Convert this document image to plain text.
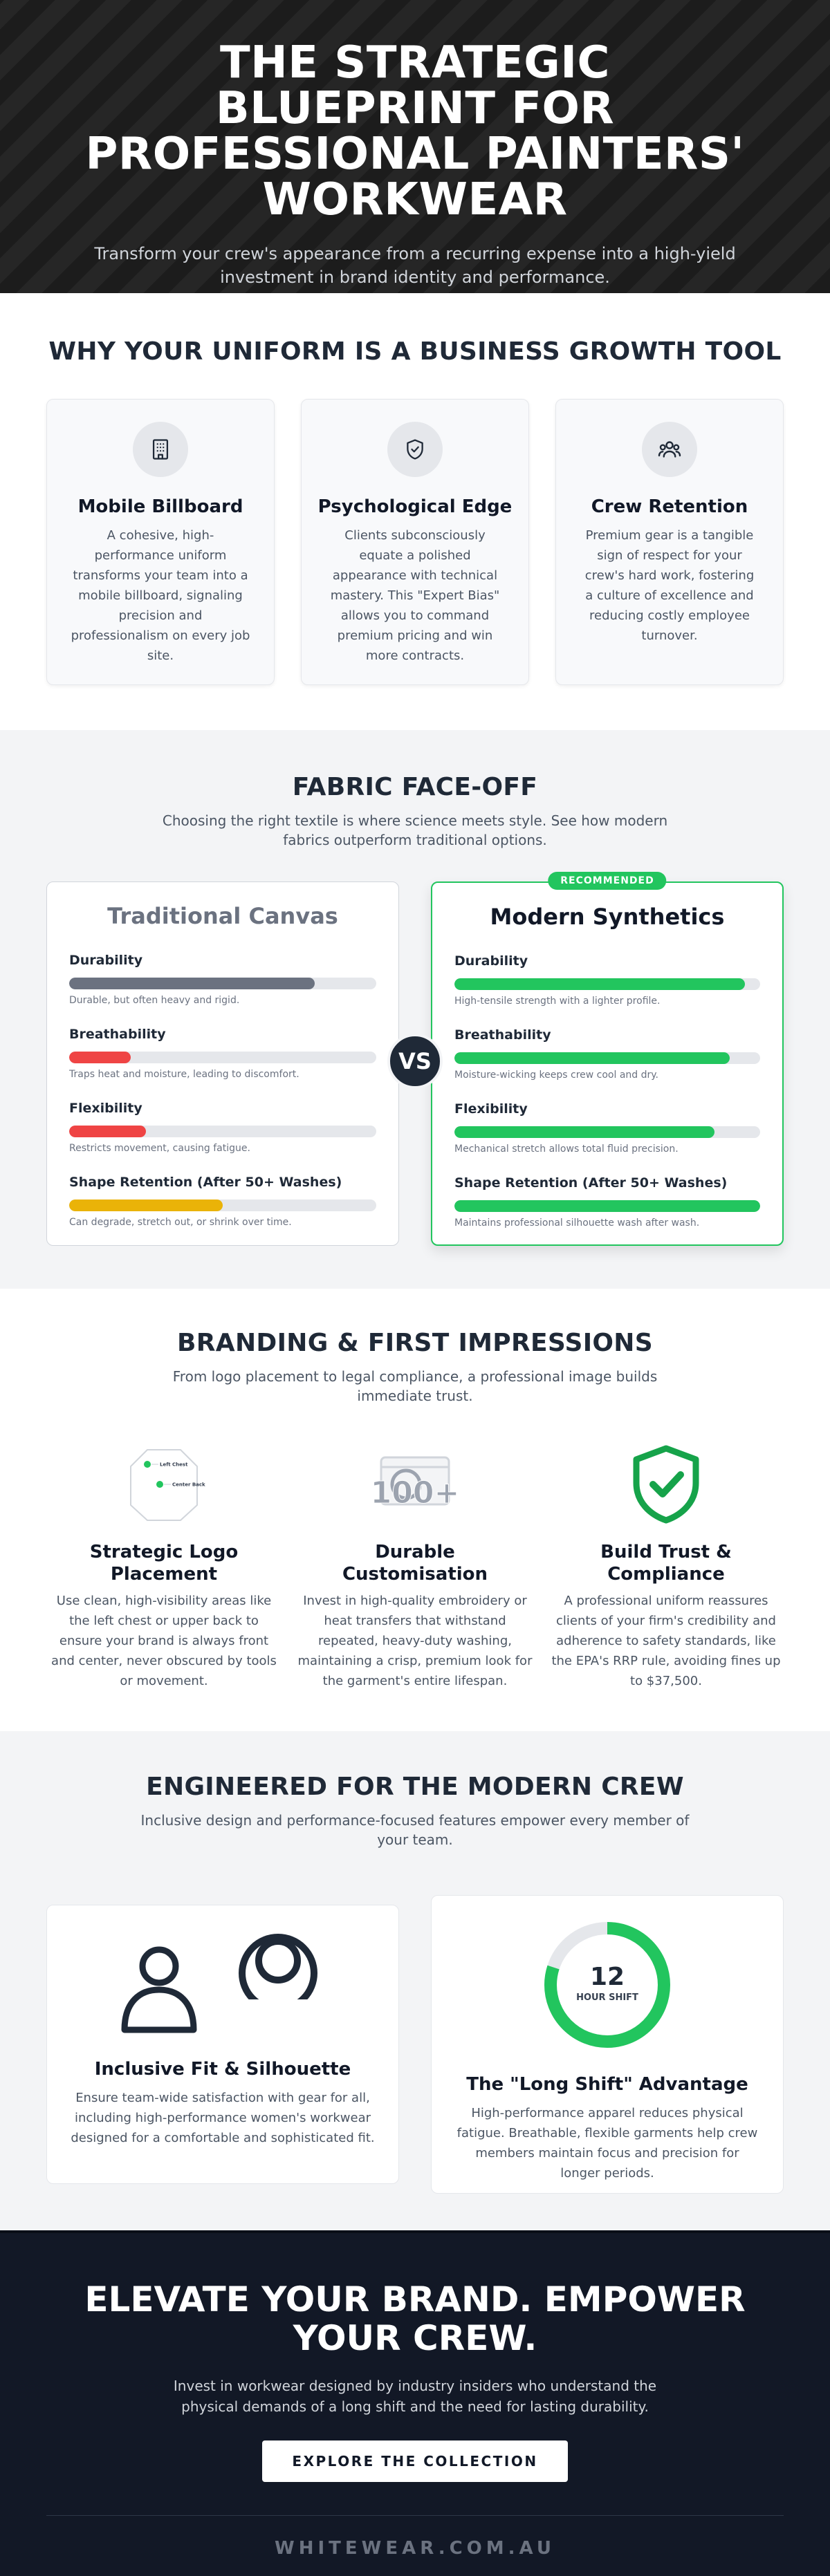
THE STRATEGIC BLUEPRINT FOR PROFESSIONAL PAINTERS' WORKWEAR

Transform your crew's appearance from a recurring expense into a high-yield investment in brand identity and performance.

WHY YOUR UNIFORM IS A BUSINESS GROWTH TOOL
Mobile Billboard

A cohesive, high-performance uniform transforms your team into a mobile billboard, signaling precision and professionalism on every job site.

Psychological Edge

Clients subconsciously equate a polished appearance with technical mastery. This "Expert Bias" allows you to command premium pricing and win more contracts.

Crew Retention

Premium gear is a tangible sign of respect for your crew's hard work, fostering a culture of excellence and reducing costly employee turnover.

FABRIC FACE-OFF

Choosing the right textile is where science meets style. See how modern fabrics outperform traditional options.

Traditional Canvas
Durability
Durable, but often heavy and rigid.
Breathability
Traps heat and moisture, leading to discomfort.
Flexibility
Restricts movement, causing fatigue.
Shape Retention (After 50+ Washes)
Can degrade, stretch out, or shrink over time.
RECOMMENDED
Modern Synthetics
Durability
High-tensile strength with a lighter profile.
Breathability
Moisture-wicking keeps crew cool and dry.
Flexibility
Mechanical stretch allows total fluid precision.
Shape Retention (After 50+ Washes)
Maintains professional silhouette wash after wash.
VS
BRANDING & FIRST IMPRESSIONS

From logo placement to legal compliance, a professional image builds immediate trust.

Left Chest
Center Back
Strategic Logo Placement

Use clean, high-visibility areas like the left chest or upper back to ensure your brand is always front and center, never obscured by tools or movement.

100+
Durable Customisation

Invest in high-quality embroidery or heat transfers that withstand repeated, heavy-duty washing, maintaining a crisp, premium look for the garment's entire lifespan.

Build Trust & Compliance

A professional uniform reassures clients of your firm's credibility and adherence to safety standards, like the EPA's RRP rule, avoiding fines up to $37,500.

ENGINEERED FOR THE MODERN CREW

Inclusive design and performance-focused features empower every member of your team.

Inclusive Fit & Silhouette

Ensure team-wide satisfaction with gear for all, including high-performance women's workwear designed for a comfortable and sophisticated fit.

12
HOUR SHIFT
The "Long Shift" Advantage

High-performance apparel reduces physical fatigue. Breathable, flexible garments help crew members maintain focus and precision for longer periods.

ELEVATE YOUR BRAND. EMPOWER YOUR CREW.

Invest in workwear designed by industry insiders who understand the physical demands of a long shift and the need for lasting durability.

EXPLORE THE COLLECTION
WHITEWEAR.COM.AU
